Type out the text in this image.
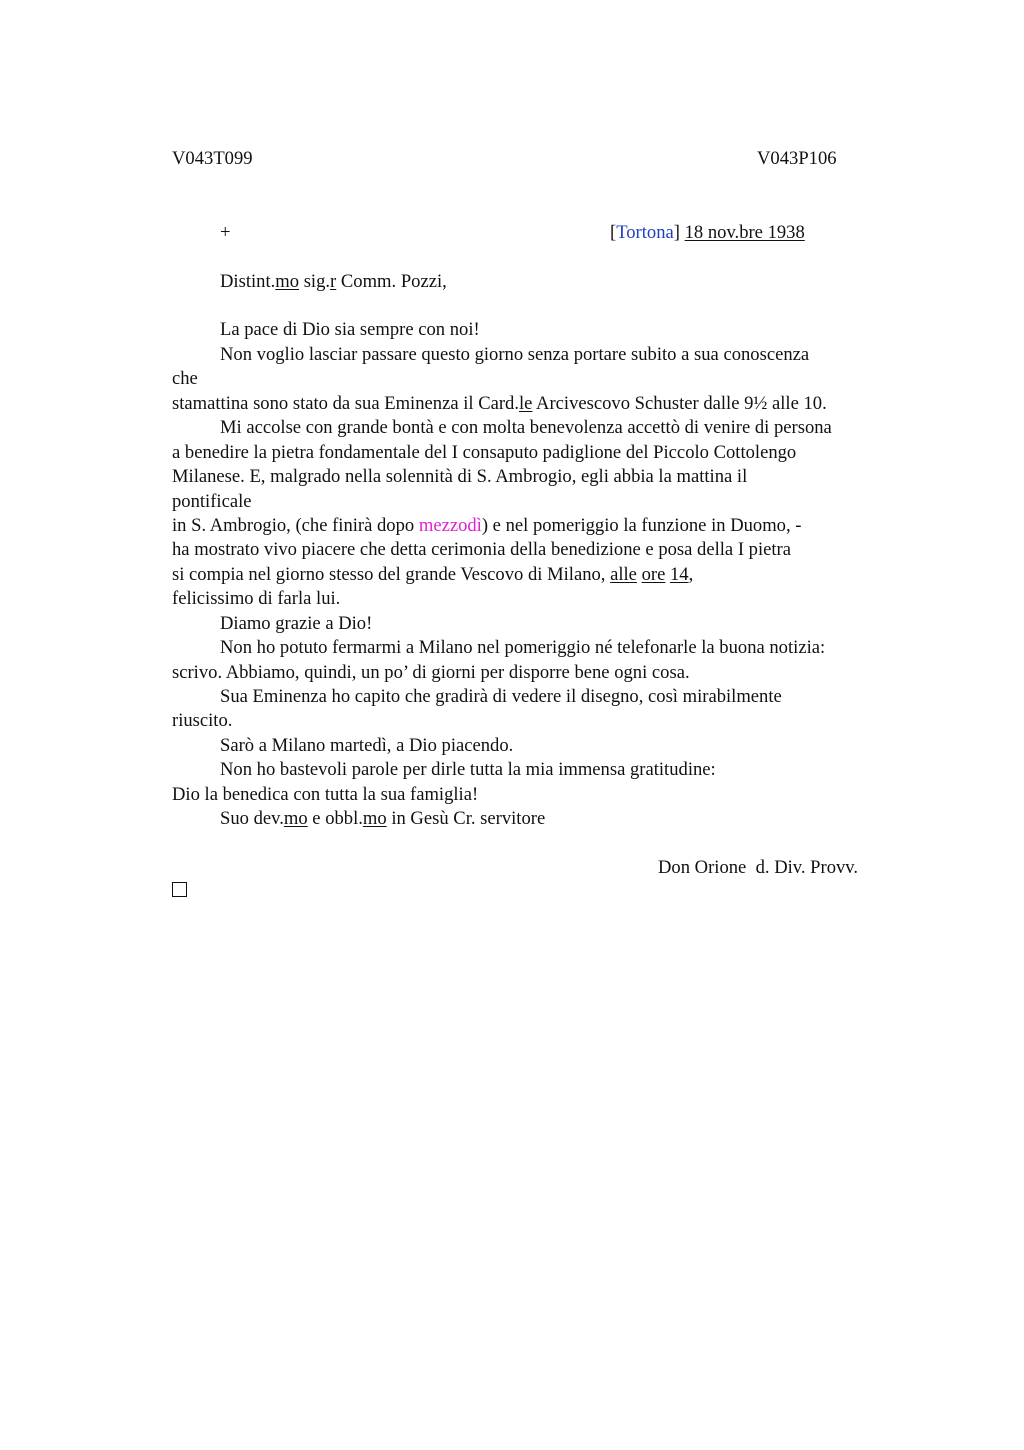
V043T099	V043P106
+	[Tortona] 18 nov.bre 1938
Distint.mo sig.r Comm. Pozzi,
La pace di Dio sia sempre con noi!
Non voglio lasciar passare questo giorno senza portare subito a sua conoscenza
che
stamattina sono stato da sua Eminenza il Card.le Arcivescovo Schuster dalle 9½ alle 10.
Mi accolse con grande bontà e con molta benevolenza accettò di venire di persona
a benedire la pietra fondamentale del I consaputo padiglione del Piccolo Cottolengo
Milanese. E, malgrado nella solennità di S. Ambrogio, egli abbia la mattina il
pontificale
in S. Ambrogio, (che finirà dopo mezzodì) e nel pomeriggio la funzione in Duomo, -
ha mostrato vivo piacere che detta cerimonia della benedizione e posa della I pietra
si compia nel giorno stesso del grande Vescovo di Milano, alle ore 14,
felicissimo di farla lui.
Diamo grazie a Dio!
Non ho potuto fermarmi a Milano nel pomeriggio né telefonarle la buona notizia:
scrivo. Abbiamo, quindi, un po’ di giorni per disporre bene ogni cosa.
Sua Eminenza ho capito che gradirà di vedere il disegno, così mirabilmente
riuscito.
Sarò a Milano martedì, a Dio piacendo.
Non ho bastevoli parole per dirle tutta la mia immensa gratitudine:
Dio la benedica con tutta la sua famiglia!
Suo dev.mo e obbl.mo in Gesù Cr. servitore
Don Orione  d. Div. Provv.
